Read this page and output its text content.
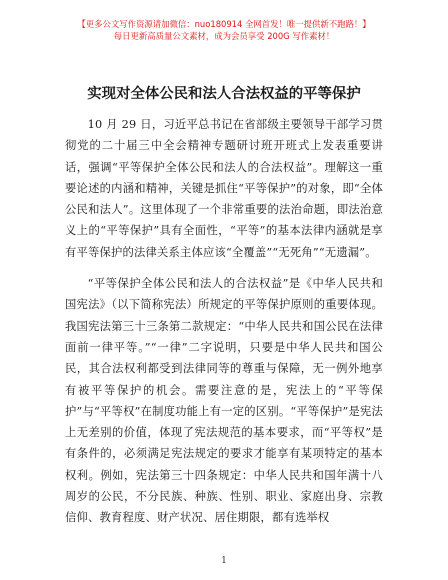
【更多公文写作资源请加微信：nuo180914 全网首发！唯一提供新不跑路！】
每日更新高质量公文素材，成为会员享受 200G 写作素材！
实现对全体公民和法人合法权益的平等保护

10 月 29 日，习近平总书记在省部级主要领导干部学习贯彻党的二十届三中全会精神专题研讨班开班式上发表重要讲话，强调“平等保护全体公民和法人的合法权益”。理解这一重要论述的内涵和精神，关键是抓住“平等保护”的对象，即“全体公民和法人”。这里体现了一个非常重要的法治命题，即法治意义上的“平等保护”具有全面性，“平等”的基本法律内涵就是享有平等保护的法律关系主体应该“全覆盖”“无死角”“无遗漏”。

“平等保护全体公民和法人的合法权益”是《中华人民共和国宪法》（以下简称宪法）所规定的平等保护原则的重要体现。我国宪法第三十三条第二款规定：“中华人民共和国公民在法律面前一律平等。”“一律”二字说明，只要是中华人民共和国公民，其合法权利都受到法律同等的尊重与保障，无一例外地享有被平等保护的机会。需要注意的是，宪法上的“平等保护”与“平等权”在制度功能上有一定的区别。“平等保护”是宪法上无差别的价值，体现了宪法规范的基本要求，而“平等权”是有条件的，必须满足宪法规定的要求才能享有某项特定的基本权利。例如，宪法第三十四条规定：中华人民共和国年满十八周岁的公民，不分民族、种族、性别、职业、家庭出身、宗教信仰、教育程度、财产状况、居住期限，都有选举权

1
